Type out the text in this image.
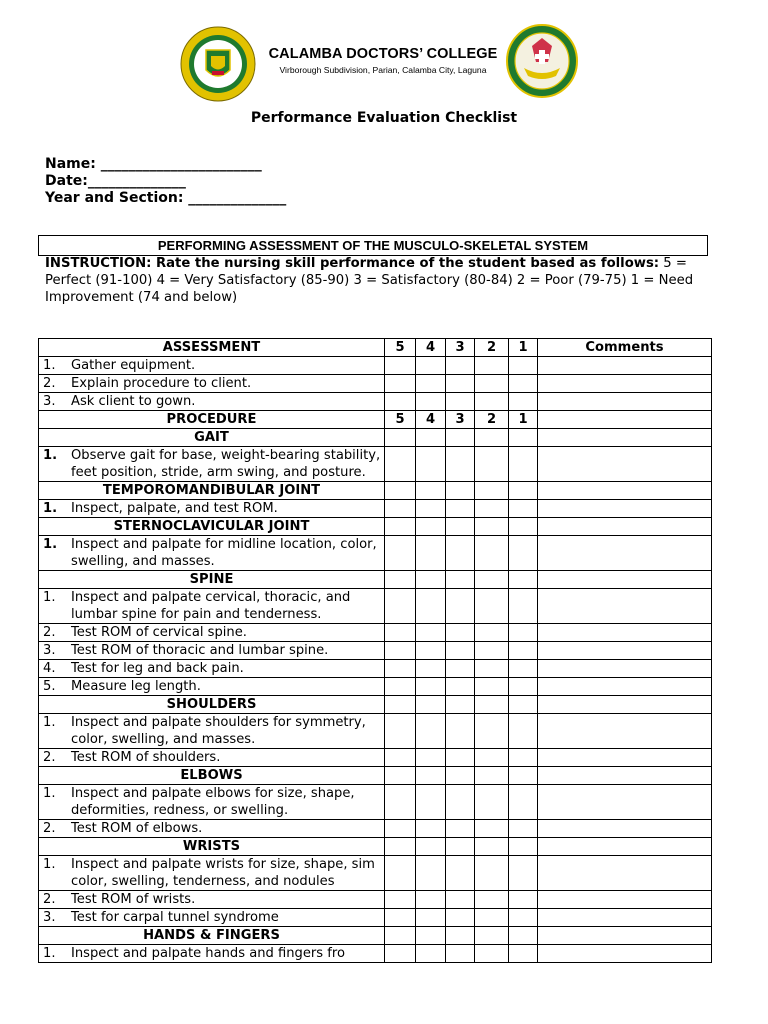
CALAMBA DOCTORS’ COLLEGE
Virborough Subdivision, Parian, Calamba City, Laguna
Performance Evaluation Checklist
Name: _______________________
Date:______________
Year and Section: ______________
PERFORMING ASSESSMENT OF THE MUSCULO-SKELETAL SYSTEM
INSTRUCTION: Rate the nursing skill performance of the student based as follows: 5 = Perfect (91-100) 4 = Very Satisfactory (85-90) 3 = Satisfactory (80-84) 2 = Poor (79-75) 1 = Need Improvement (74 and below)
ASSESSMENT	5	4	3	2	1	Comments

1. Gather equipment.						

2. Explain procedure to client.						

3. Ask client to gown.						

PROCEDURE	5	4	3	2	1	
GAIT						

1. Observe gait for base, weight-bearing stability, feet position, stride, arm swing, and posture.						

TEMPOROMANDIBULAR JOINT						

1. Inspect, palpate, and test ROM.						

STERNOCLAVICULAR JOINT						

1. Inspect and palpate for midline location, color, swelling, and masses.						

SPINE						

1. Inspect and palpate cervical, thoracic, and lumbar spine for pain and tenderness.						

2. Test ROM of cervical spine.						

3. Test ROM of thoracic and lumbar spine.						

4. Test for leg and back pain.						

5. Measure leg length.						

SHOULDERS						

1. Inspect and palpate shoulders for symmetry, color, swelling, and masses.						

2. Test ROM of shoulders.						

ELBOWS						

1. Inspect and palpate elbows for size, shape, deformities, redness, or swelling.						

2. Test ROM of elbows.						

WRISTS						

1. Inspect and palpate wrists for size, shape, sim color, swelling, tenderness, and nodules						

2. Test ROM of wrists.						

3. Test for carpal tunnel syndrome						

HANDS & FINGERS						

1. Inspect and palpate hands and fingers fro						
